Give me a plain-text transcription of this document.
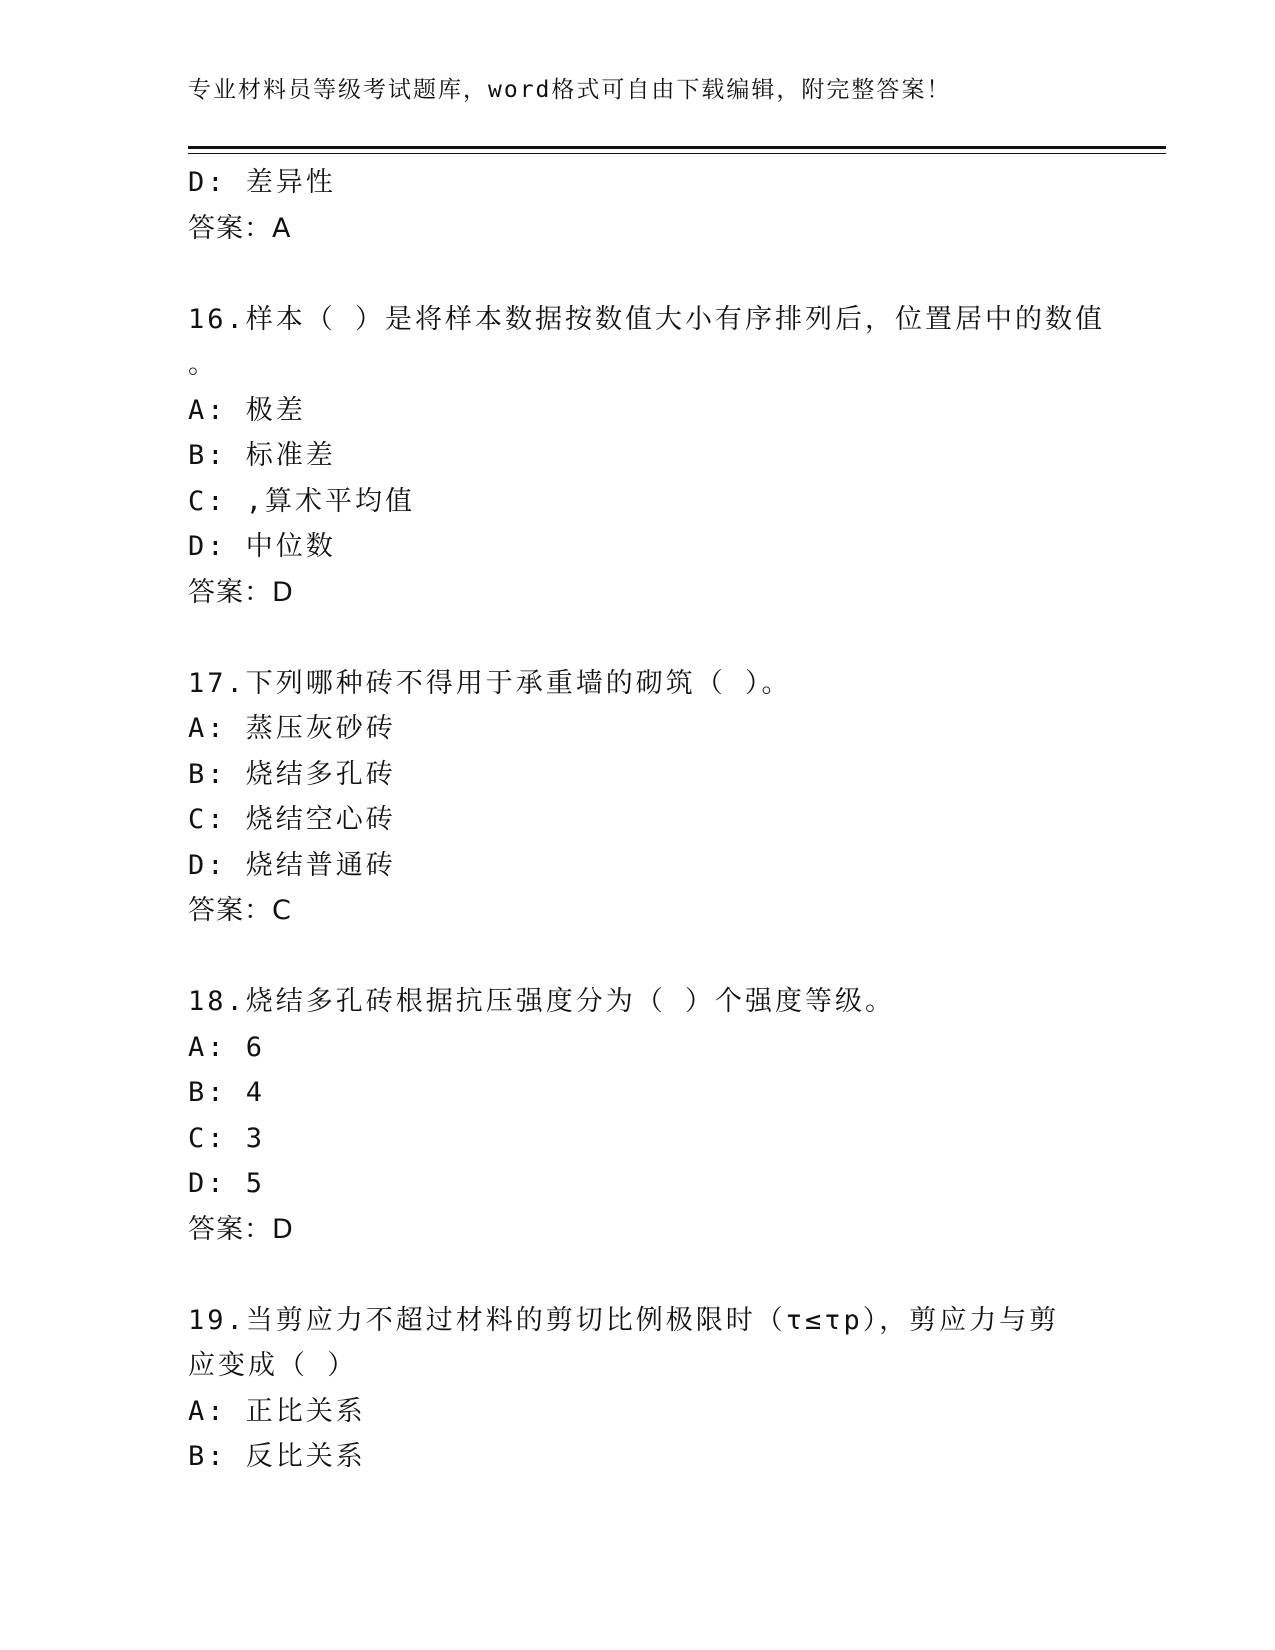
专业材料员等级考试题库，word格式可自由下载编辑，附完整答案！
D: 差异性
答案：A
16.样本（ ）是将样本数据按数值大小有序排列后，位置居中的数值
。
A: 极差
B: 标准差
C: ,算术平均值
D: 中位数
答案：D
17.下列哪种砖不得用于承重墙的砌筑（ ）。
A: 蒸压灰砂砖
B: 烧结多孔砖
C: 烧结空心砖
D: 烧结普通砖
答案：C
18.烧结多孔砖根据抗压强度分为（ ）个强度等级。
A: 6
B: 4
C: 3
D: 5
答案：D
19.当剪应力不超过材料的剪切比例极限时（τ≤τp），剪应力与剪
应变成（ ）
A: 正比关系
B: 反比关系
